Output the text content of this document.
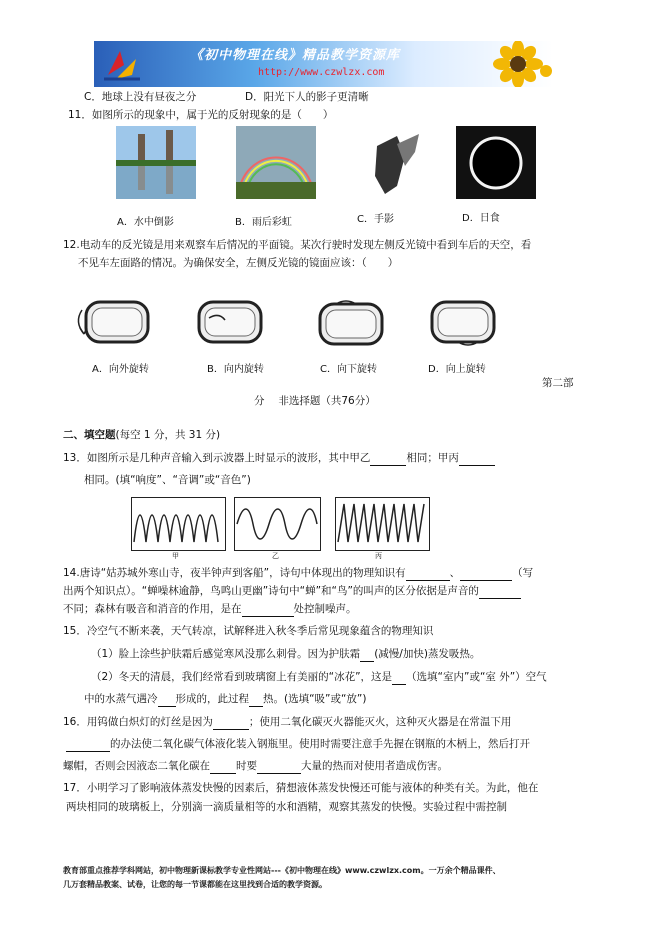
《初中物理在线》精品教学资源库
http://www.czwlzx.com
C．地球上没有昼夜之分	D．阳光下人的影子更清晰
11．如图所示的现象中，属于光的反射现象的是（　　）
A．水中倒影	B．雨后彩虹	C．手影	D．日食
12.电动车的反光镜是用来观察车后情况的平面镜。某次行驶时发现左侧反光镜中看到车后的天空，看
不见车左面路的情况。为确保安全，左侧反光镜的镜面应该：（　　）
A．向外旋转	B．向内旋转	C．向下旋转	D．向上旋转
第二部
分　 非选择题（共76分）
二、填空题(每空 1 分，共 31 分)
13．如图所示是几种声音输入到示波器上时显示的波形，其中甲乙	相同；甲丙
相同。(填“响度”、“音调”或“音色”)
甲	乙	丙
14.唐诗“姑苏城外寒山寺，夜半钟声到客船”，诗句中体现出的物理知识有	、	（写
出两个知识点）。“蝉噪林逾静，鸟鸣山更幽”诗句中“蝉”和“鸟”的叫声的区分依据是声音的
不同；森林有吸音和消音的作用，是在	处控制噪声。
15．冷空气不断来袭，天气转凉，试解释进入秋冬季后常见现象蕴含的物理知识
（1）脸上涂些护肤霜后感觉寒风没那么刺骨。因为护肤霜 (减慢/加快)蒸发吸热。
（2）冬天的清晨，我们经常看到玻璃窗上有美丽的“冰花”，这是 （选填“室内”或“室 外”）空气
中的水蒸气遇冷 形成的，此过程 热。(选填“吸”或“放”)
16．用钨做白炽灯的灯丝是因为	；使用二氧化碳灭火器能灭火，这种灭火器是在常温下用
的办法使二氧化碳气体液化装入钢瓶里。使用时需要注意手先握在钢瓶的木柄上，然后打开
螺帽，否则会因液态二氧化碳在 时要	大量的热而对使用者造成伤害。
17．小明学习了影响液体蒸发快慢的因素后，猜想液体蒸发快慢还可能与液体的种类有关。为此，他在
两块相同的玻璃板上，分别滴一滴质量相等的水和酒精，观察其蒸发的快慢。实验过程中需控制
教育部重点推荐学科网站，初中物理新课标教学专业性网站---《初中物理在线》www.czwlzx.com。一万余个精品课件、
几万套精品教案、试卷，让您的每一节课都能在这里找到合适的教学资源。
